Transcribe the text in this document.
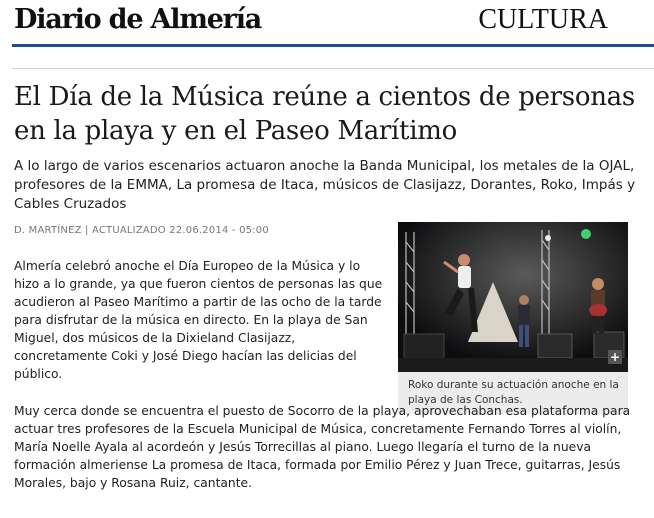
Diario de Almería	CULTURA
El Día de la Música reúne a cientos de personas en la playa y en el Paseo Marítimo

A lo largo de varios escenarios actuaron anoche la Banda Municipal, los metales de la OJAL, profesores de la EMMA, La promesa de Itaca, músicos de Clasijazz, Dorantes, Roko, Impás y Cables Cruzados

D. MARTÍNEZ | ACTUALIZADO 22.06.2014 - 05:00

Almería celebró anoche el Día Europeo de la Música y lo hizo a lo grande, ya que fueron cientos de personas las que acudieron al Paseo Marítimo a partir de las ocho de la tarde para disfrutar de la música en directo. En la playa de San Miguel, dos músicos de la Dixieland Clasijazz, concretamente Coki y José Diego hacían las delicias del público.

+
Roko durante su actuación anoche en la playa de las Conchas.

Muy cerca donde se encuentra el puesto de Socorro de la playa, aprovechaban esa plataforma para actuar tres profesores de la Escuela Municipal de Música, concretamente Fernando Torres al violín, María Noelle Ayala al acordeón y Jesús Torrecillas al piano. Luego llegaría el turno de la nueva formación almeriense La promesa de Itaca, formada por Emilio Pérez y Juan Trece, guitarras, Jesús Morales, bajo y Rosana Ruiz, cantante.
